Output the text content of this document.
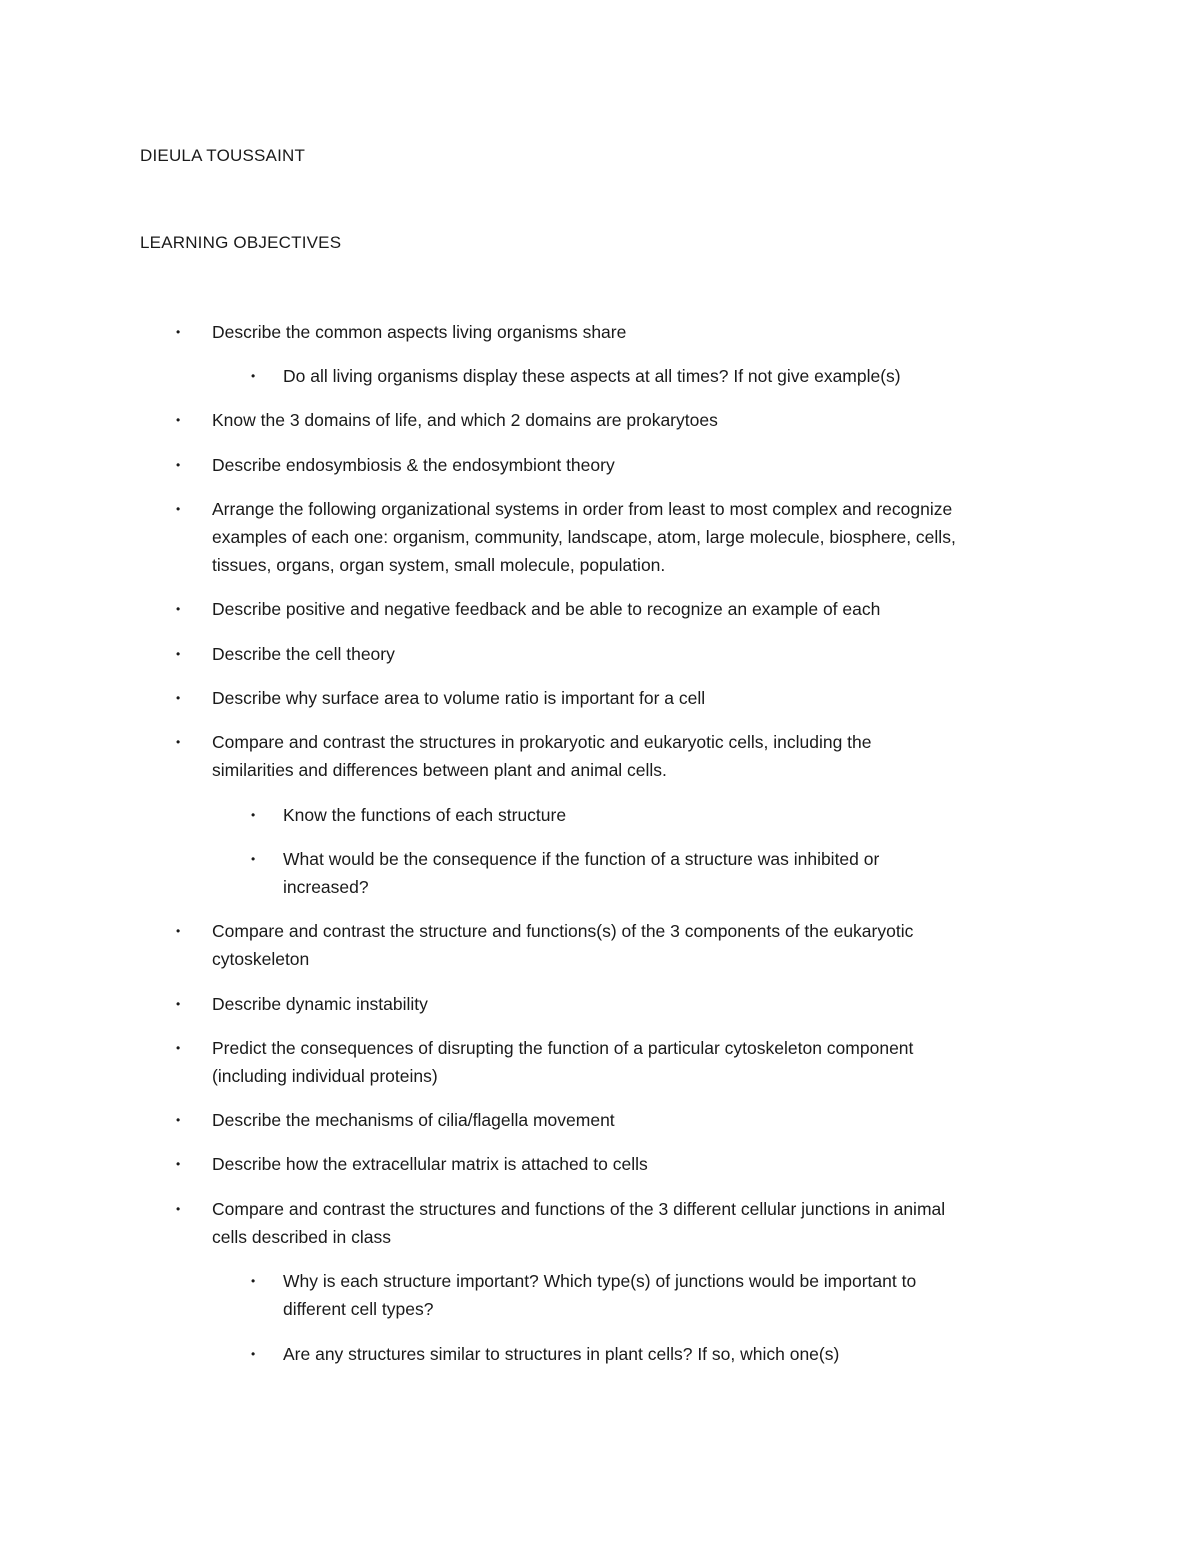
DIEULA TOUSSAINT
LEARNING OBJECTIVES
• Describe the common aspects living organisms share
• Do all living organisms display these aspects at all times? If not give example(s)
• Know the 3 domains of life, and which 2 domains are prokarytoes
• Describe endosymbiosis & the endosymbiont theory
• Arrange the following organizational systems in order from least to most complex and recognize
examples of each one: organism, community, landscape, atom, large molecule, biosphere, cells,
tissues, organs, organ system, small molecule, population.
• Describe positive and negative feedback and be able to recognize an example of each
• Describe the cell theory
• Describe why surface area to volume ratio is important for a cell
• Compare and contrast the structures in prokaryotic and eukaryotic cells, including the
similarities and differences between plant and animal cells.
• Know the functions of each structure
• What would be the consequence if the function of a structure was inhibited or
increased?
• Compare and contrast the structure and functions(s) of the 3 components of the eukaryotic
cytoskeleton
• Describe dynamic instability
• Predict the consequences of disrupting the function of a particular cytoskeleton component
(including individual proteins)
• Describe the mechanisms of cilia/flagella movement
• Describe how the extracellular matrix is attached to cells
• Compare and contrast the structures and functions of the 3 different cellular junctions in animal
cells described in class
• Why is each structure important? Which type(s) of junctions would be important to
different cell types?
• Are any structures similar to structures in plant cells? If so, which one(s)
